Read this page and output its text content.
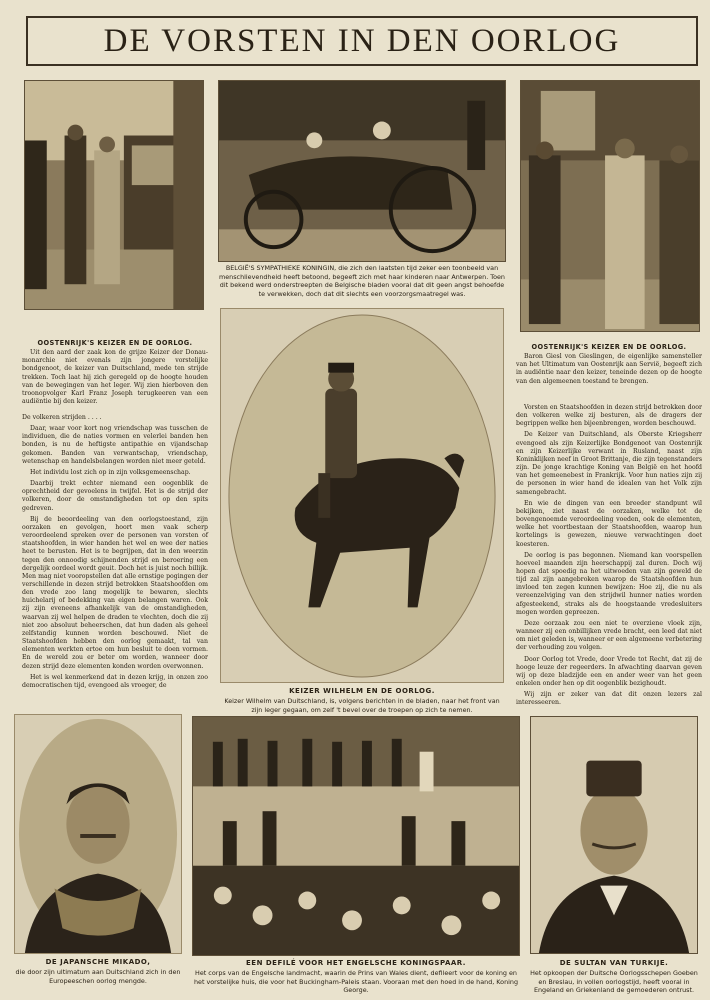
DE VORSTEN IN DEN OORLOG
BELGIË'S SYMPATHIEKE KONINGIN, die zich den laatsten tijd zeker een toonbeeld van menschlievendheid heeft betoond, begeeft zich met haar kinderen naar Antwerpen. Toen dit bekend werd onderstreepten de Belgische bladen vooral dat dit geen angst behoefde te verwekken, doch dat dit slechts een voorzorgsmaatregel was.
OOSTENRIJK'S KEIZER EN DE OORLOG.

Uit den aard der zaak kon de grijze Keizer der Donau-monarchie niet evenals zijn jongere vorstelijke bondgenoot, de keizer van Duitschland, mede ten strijde trekken. Toch laat hij zich geregeld op de hoogte houden van de bewegingen van het leger. Wij zien hierboven den troonopvolger Karl Franz Joseph terugkeeren van een audiëntie bij den keizer.

OOSTENRIJK'S KEIZER EN DE OORLOG.

Baron Giesl von Gieslingen, de eigenlijke samensteller van het Ultimatum van Oostenrijk aan Servië, begeeft zich in audiëntie naar den keizer, teneinde dezen op de hoogte van den algemeenen toestand te brengen.

De volkeren strijden . . . .

Daar, waar voor kort nog vriendschap was tusschen de individuen, die de naties vormen en velerlei banden hen bonden, is nu de heftigste antipathie en vijandschap gekomen. Banden van verwantschap, vriendschap, wetenschap en handelsbelangen worden niet meer geteld.

Het individu lost zich op in zijn volksgemeenschap.

Daarbij trekt echter niemand een oogenblik de oprechtheid der gevoelens in twijfel. Het is de strijd der volkeren, door de omstandigheden tot op den spits gedreven.

Bij de beoordeeling van den oorlogstoestand, zijn oorzaken en gevolgen, hoort men vaak scherp veroordeelend spreken over de personen van vorsten of staatshoofden, in wier handen het wel en wee der naties heet te berusten. Het is te begrijpen, dat in den weerzin tegen den onnoodig schijnenden strijd en beroering een dergelijk oordeel wordt geuit. Doch het is juist noch billijk. Men mag niet vooropstellen dat alle ernstige pogingen der verschillende in dezen strijd betrokken Staatshoofden om den vrede zoo lang mogelijk te bewaren, slechts huichelarij of bedekking van eigen belangen waren. Ook zij zijn eveneens afhankelijk van de omstandigheden, waarvan zij wel helpen de draden te vlechten, doch die zij niet zoo absoluut beheerschen, dat hun daden als geheel zelfstandig kunnen worden beschouwd. Niet de Staatshoofden hebben den oorlog gemaakt, tal van elementen werkten ertoe om hun besluit te doen vormen. En de wereld zou er beter om worden, wanneer door dezen strijd deze elementen konden worden overwonnen.

Het is wel kenmerkend dat in dezen krijg, in onzen zoo democratischen tijd, evengoed als vroeger, de

Vorsten en Staatshoofden in dezen strijd betrokken door den volkeren welke zij besturen, als de dragers der begrippen welke hen bijeenbrengen, worden beschouwd.

De Keizer van Duitschland, als Oberste Kriegsherr evengoed als zijn Keizerlijke Bondgenoot van Oostenrijk en zijn Keizerlijke verwant in Rusland, naast zijn Koninklijken neef in Groot Brittanje, die zijn tegenstanders zijn. De jonge krachtige Koning van België en het hoofd van het gemeenebest in Frankrijk. Voor hun naties zijn zij de personen in wier hand de idealen van het Volk zijn samengebracht.

En wie de dingen van een breeder standpunt wil bekijken, ziet naast de oorzaken, welke tot de bovengenoemde veroordeeling voeden, ook de elementen, welke het voortbestaan der Staatshoofden, waarop hun kortelings is gewezen, nieuwe verwachtingen doet koesteren.

De oorlog is pas begonnen. Niemand kan voorspellen hoeveel maanden zijn heerschappij zal duren. Doch wij hopen dat spoedig na het uitwoeden van zijn geweld de tijd zal zijn aangebroken waarop de Staatshoofden hun invloed ten zegen kunnen bewijzen: Hoe zij, die nu als vereenzelviging van den strijdwil hunner naties worden afgesteekend, straks als de hoogstaande vredesluiters mogen worden gepreezen.

Deze oorzaak zou een niet te overziene vloek zijn, wanneer zij een onbillijken vrede bracht, een leed dat niet om niet geleden is, wanneer er een algemeene verbetering der verhouding zou volgen.

Door Oorlog tot Vrede, door Vrede tot Recht, dat zij de hooge leuze der regeerders. In afwachting daarvan geven wij op deze bladzijde een en ander weer van het geen enkelen onder hen op dit oogenblik bezighoudt.

Wij zijn er zeker van dat dit onzen lezers zal interesseeren.

KEIZER WILHELM EN DE OORLOG.
Keizer Wilhelm van Duitschland, is, volgens berichten in de bladen, naar het front van zijn leger gegaan, om zelf 't bevel over de troepen op zich te nemen.
DE JAPANSCHE MIKADO,
die door zijn ultimatum aan Duitschland zich in den Europeeschen oorlog mengde.
EEN DEFILÉ VOOR HET ENGELSCHE KONINGSPAAR.
Het corps van de Engelsche landmacht, waarin de Prins van Wales dient, defileert voor de koning en het vorstelijke huis, die voor het Buckingham-Paleis staan. Vooraan met den hoed in de hand, Koning George.
DE SULTAN VAN TURKIJE.
Het opkoopen der Duitsche Oorlogsschepen Goeben en Breslau, in vollen oorlogstijd, heeft vooral in Engeland en Griekenland de gemoederen ontrust.
